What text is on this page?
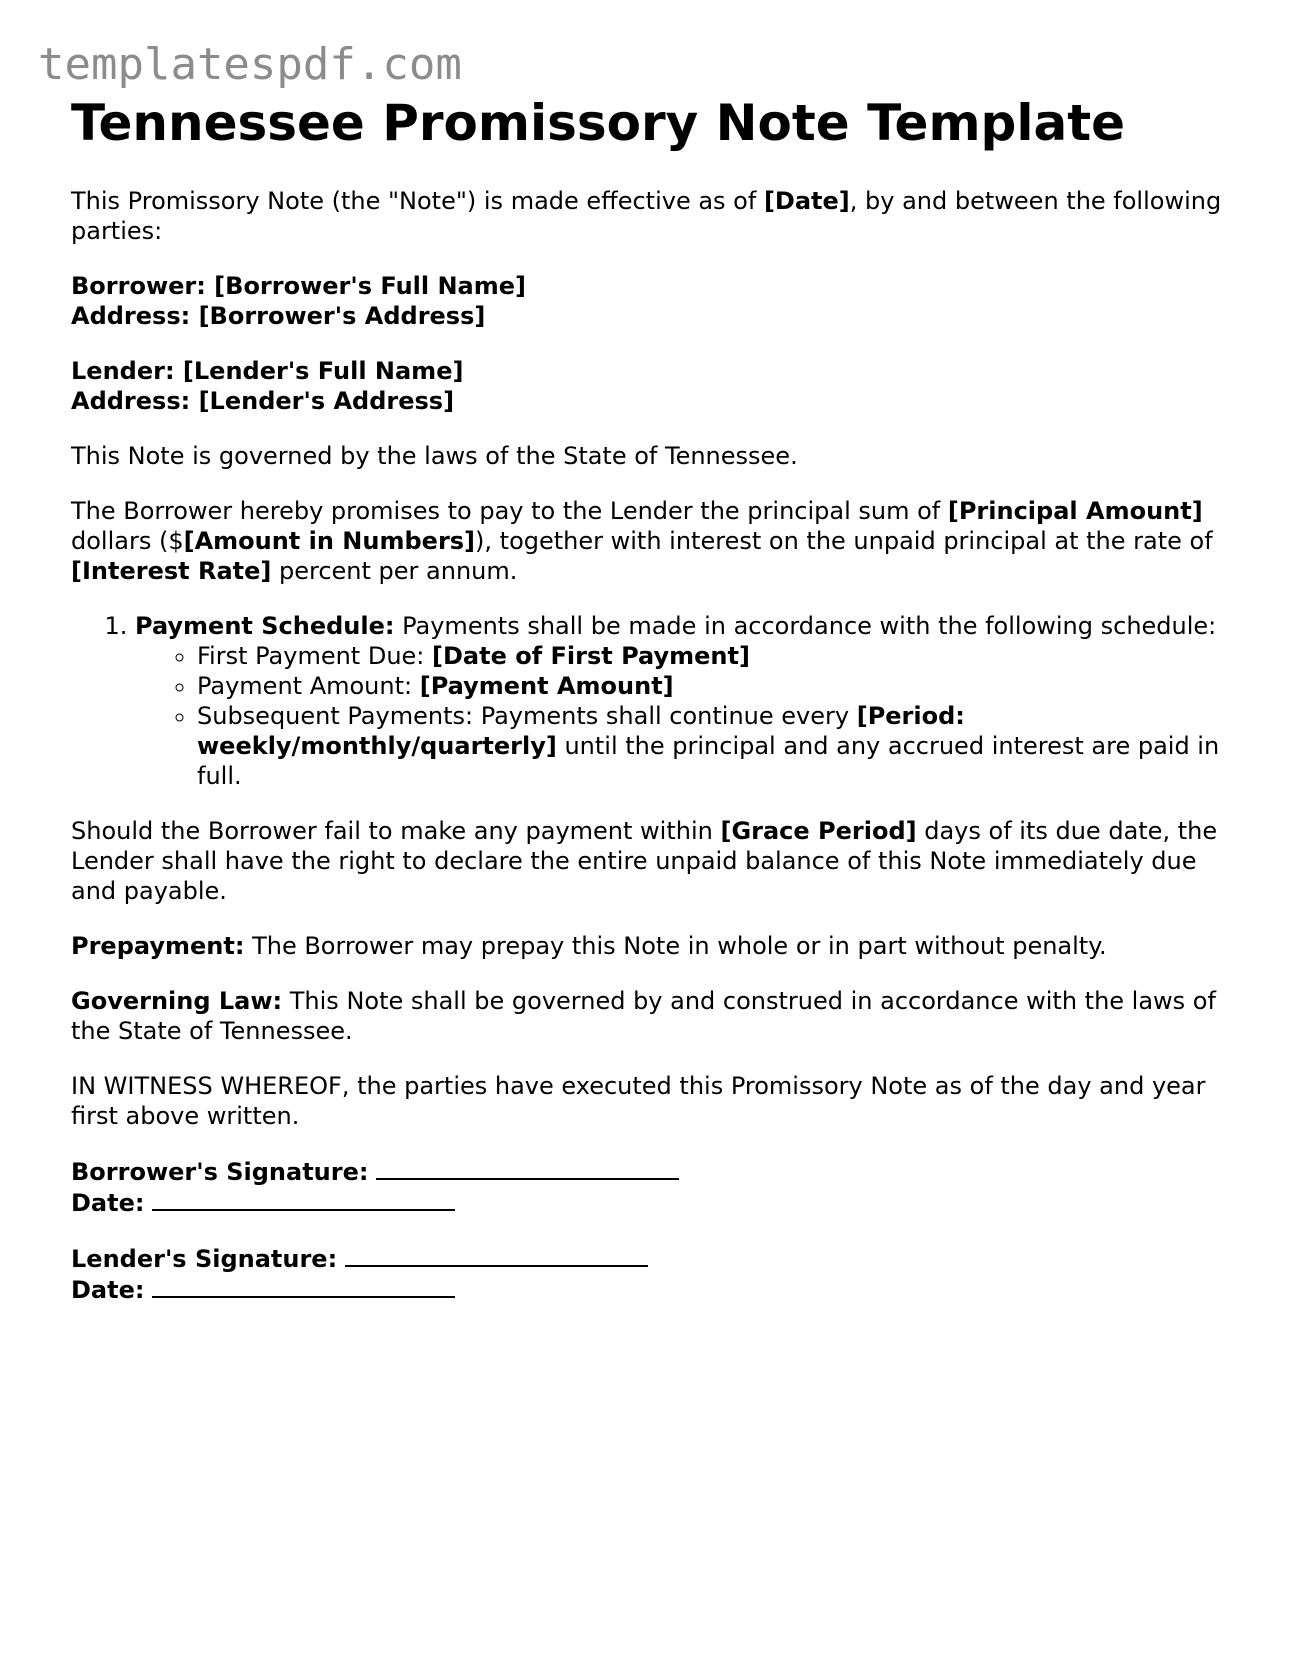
templatespdf.com
Tennessee Promissory Note Template

This Promissory Note (the "Note") is made effective as of [Date], by and between the following parties:

Borrower: [Borrower's Full Name]
Address: [Borrower's Address]

Lender: [Lender's Full Name]
Address: [Lender's Address]

This Note is governed by the laws of the State of Tennessee.

The Borrower hereby promises to pay to the Lender the principal sum of [Principal Amount] dollars ($[Amount in Numbers]), together with interest on the unpaid principal at the rate of [Interest Rate] percent per annum.

1. Payment Schedule: Payments shall be made in accordance with the following schedule:
◦ First Payment Due: [Date of First Payment]
◦ Payment Amount: [Payment Amount]
◦ Subsequent Payments: Payments shall continue every [Period: weekly/monthly/quarterly] until the principal and any accrued interest are paid in full.

Should the Borrower fail to make any payment within [Grace Period] days of its due date, the Lender shall have the right to declare the entire unpaid balance of this Note immediately due and payable.

Prepayment: The Borrower may prepay this Note in whole or in part without penalty.

Governing Law: This Note shall be governed by and construed in accordance with the laws of the State of Tennessee.

IN WITNESS WHEREOF, the parties have executed this Promissory Note as of the day and year first above written.

Borrower's Signature:
Date:

Lender's Signature:
Date:
